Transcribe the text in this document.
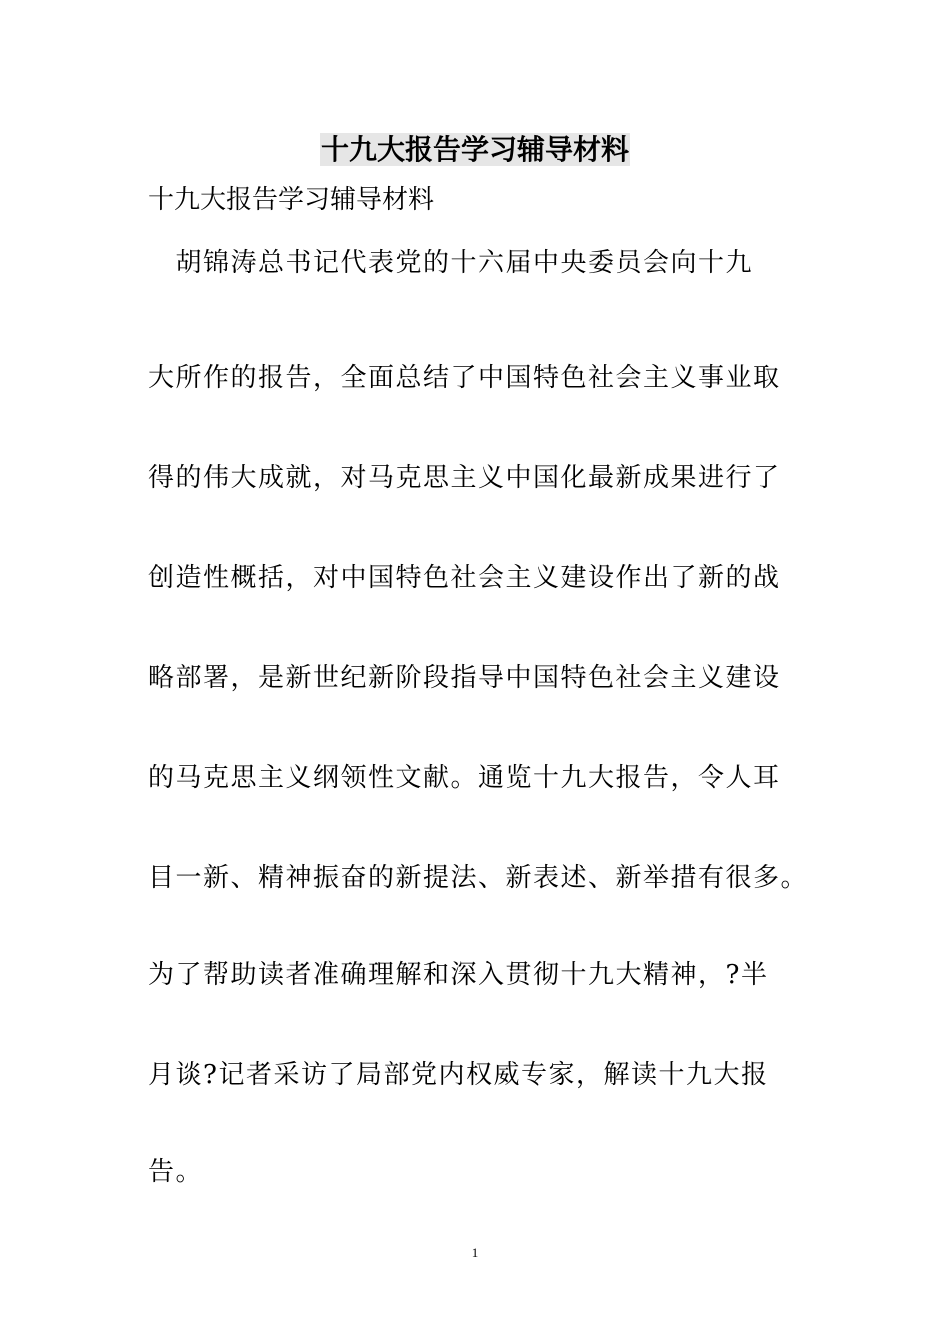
十九大报告学习辅导材料
十九大报告学习辅导材料
　胡锦涛总书记代表党的十六届中央委员会向十九
大所作的报告，全面总结了中国特色社会主义事业取
得的伟大成就，对马克思主义中国化最新成果进行了
创造性概括，对中国特色社会主义建设作出了新的战
略部署，是新世纪新阶段指导中国特色社会主义建设
的马克思主义纲领性文献。通览十九大报告，令人耳
目一新、精神振奋的新提法、新表述、新举措有很多。
为了帮助读者准确理解和深入贯彻十九大精神，?半
月谈?记者采访了局部党内权威专家，解读十九大报
告。
1
